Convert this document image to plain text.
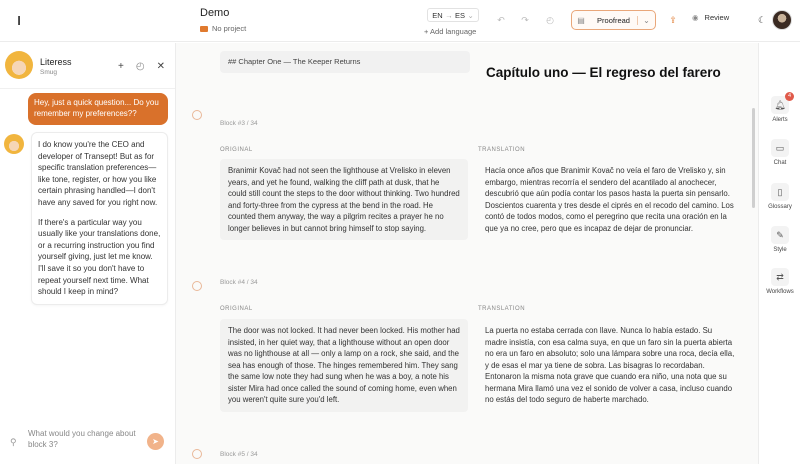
I	Demo
No project
EN → ES ⌄
+ Add language
↶	↷	◴	▤	Proofread	⌄	⇪	◉ Review	☾
Literess
Smug
+ ◴ ✕
Hey, just a quick question... Do you remember my preferences??

I do know you're the CEO and developer of Transept! But as for specific translation preferences—like tone, register, or how you like certain phrasing handled—I don't have any saved for you right now.

If there's a particular way you usually like your translations done, or a recurring instruction you find yourself giving, just let me know. I'll save it so you don't have to repeat yourself next time. What should I keep in mind?

⚲
What would you change about block 3?	➤
## Chapter One — The Keeper Returns
Capítulo uno — El regreso del farero
Block #3 / 34
ORIGINAL	TRANSLATION
Branimir Kovač had not seen the lighthouse at Vrelisko in eleven years, and yet he found, walking the cliff path at dusk, that he could still count the steps to the door without thinking. Two hundred and forty-three from the cypress at the bend in the road. He counted them anyway, the way a pilgrim recites a prayer he no longer believes in but cannot bring himself to stop saying.
Hacía once años que Branimir Kovač no veía el faro de Vrelisko y, sin embargo, mientras recorría el sendero del acantilado al anochecer, descubrió que aún podía contar los pasos hasta la puerta sin pensarlo. Doscientos cuarenta y tres desde el ciprés en el recodo del camino. Los contó de todos modos, como el peregrino que recita una oración en la que ya no cree, pero que es incapaz de dejar de pronunciar.
Block #4 / 34
ORIGINAL	TRANSLATION
The door was not locked. It had never been locked. His mother had insisted, in her quiet way, that a lighthouse without an open door was no lighthouse at all — only a lamp on a rock, she said, and the sea has enough of those. The hinges remembered him. They sang the same low note they had sung when he was a boy, a note his sister Mira had once called the sound of coming home, even when you weren't quite sure you'd left.
La puerta no estaba cerrada con llave. Nunca lo había estado. Su madre insistía, con esa calma suya, en que un faro sin la puerta abierta no era un faro en absoluto; solo una lámpara sobre una roca, decía ella, y de esas el mar ya tiene de sobra. Las bisagras lo recordaban. Entonaron la misma nota grave que cuando era niño, una nota que su hermana Mira llamó una vez el sonido de volver a casa, incluso cuando no estás del todo seguro de haberte marchado.
Block #5 / 34
🔔︎
4
Alerts
▭
Chat
▯
Glossary
✎
Style
⇄
Workflows
